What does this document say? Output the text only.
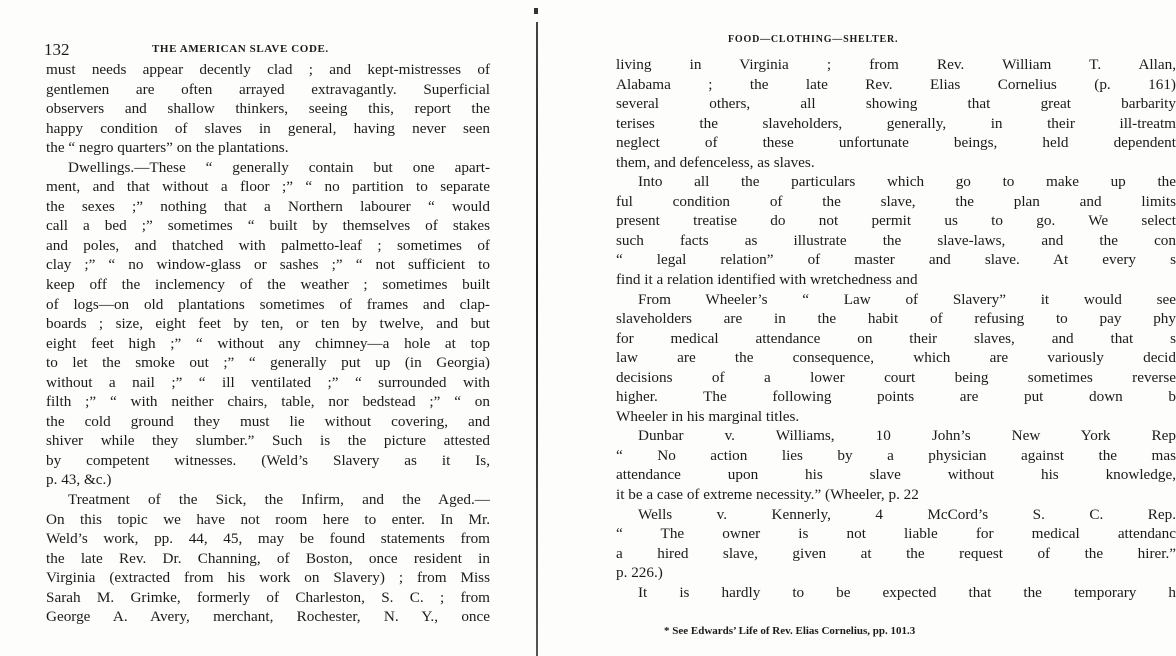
132	THE AMERICAN SLAVE CODE.
must needs appear decently clad ; and kept-mistresses of
gentlemen are often arrayed extravagantly. Superficial
observers and shallow thinkers, seeing this, report the
happy condition of slaves in general, having never seen
the “ negro quarters” on the plantations.
Dwellings.—These “ generally contain but one apart-
ment, and that without a floor ;” “ no partition to separate
the sexes ;” nothing that a Northern labourer “ would
call a bed ;” sometimes “ built by themselves of stakes
and poles, and thatched with palmetto-leaf ; sometimes of
clay ;” “ no window-glass or sashes ;” “ not sufficient to
keep off the inclemency of the weather ; sometimes built
of logs—on old plantations sometimes of frames and clap-
boards ; size, eight feet by ten, or ten by twelve, and but
eight feet high ;” “ without any chimney—a hole at top
to let the smoke out ;” “ generally put up (in Georgia)
without a nail ;” “ ill ventilated ;” “ surrounded with
filth ;” “ with neither chairs, table, nor bedstead ;” “ on
the cold ground they must lie without covering, and
shiver while they slumber.” Such is the picture attested
by competent witnesses. (Weld’s Slavery as it Is,
p. 43, &c.)
Treatment of the Sick, the Infirm, and the Aged.—
On this topic we have not room here to enter. In Mr.
Weld’s work, pp. 44, 45, may be found statements from
the late Rev. Dr. Channing, of Boston, once resident in
Virginia (extracted from his work on Slavery) ; from Miss
Sarah M. Grimke, formerly of Charleston, S. C. ; from
George A. Avery, merchant, Rochester, N. Y., once
FOOD—CLOTHING—SHELTER.
living in Virginia ; from Rev. William T. Allan,
Alabama ; the late Rev. Elias Cornelius (p. 161)
several others, all showing that great barbarity
terises the slaveholders, generally, in their ill-treatm
neglect of these unfortunate beings, held dependent
them, and defenceless, as slaves.
Into all the particulars which go to make up the
ful condition of the slave, the plan and limits
present treatise do not permit us to go. We select
such facts as illustrate the slave-laws, and the con
“ legal relation” of master and slave. At every s
find it a relation identified with wretchedness and
From Wheeler’s “ Law of Slavery” it would see
slaveholders are in the habit of refusing to pay phy
for medical attendance on their slaves, and that s
law are the consequence, which are variously decid
decisions of a lower court being sometimes reverse
higher. The following points are put down b
Wheeler in his marginal titles.
Dunbar v. Williams, 10 John’s New York Rep
“ No action lies by a physician against the mas
attendance upon his slave without his knowledge,
it be a case of extreme necessity.” (Wheeler, p. 22
Wells v. Kennerly, 4 McCord’s S. C. Rep.
“ The owner is not liable for medical attendanc
a hired slave, given at the request of the hirer.”
p. 226.)
It is hardly to be expected that the temporary h
* See Edwards’ Life of Rev. Elias Cornelius, pp. 101.3
